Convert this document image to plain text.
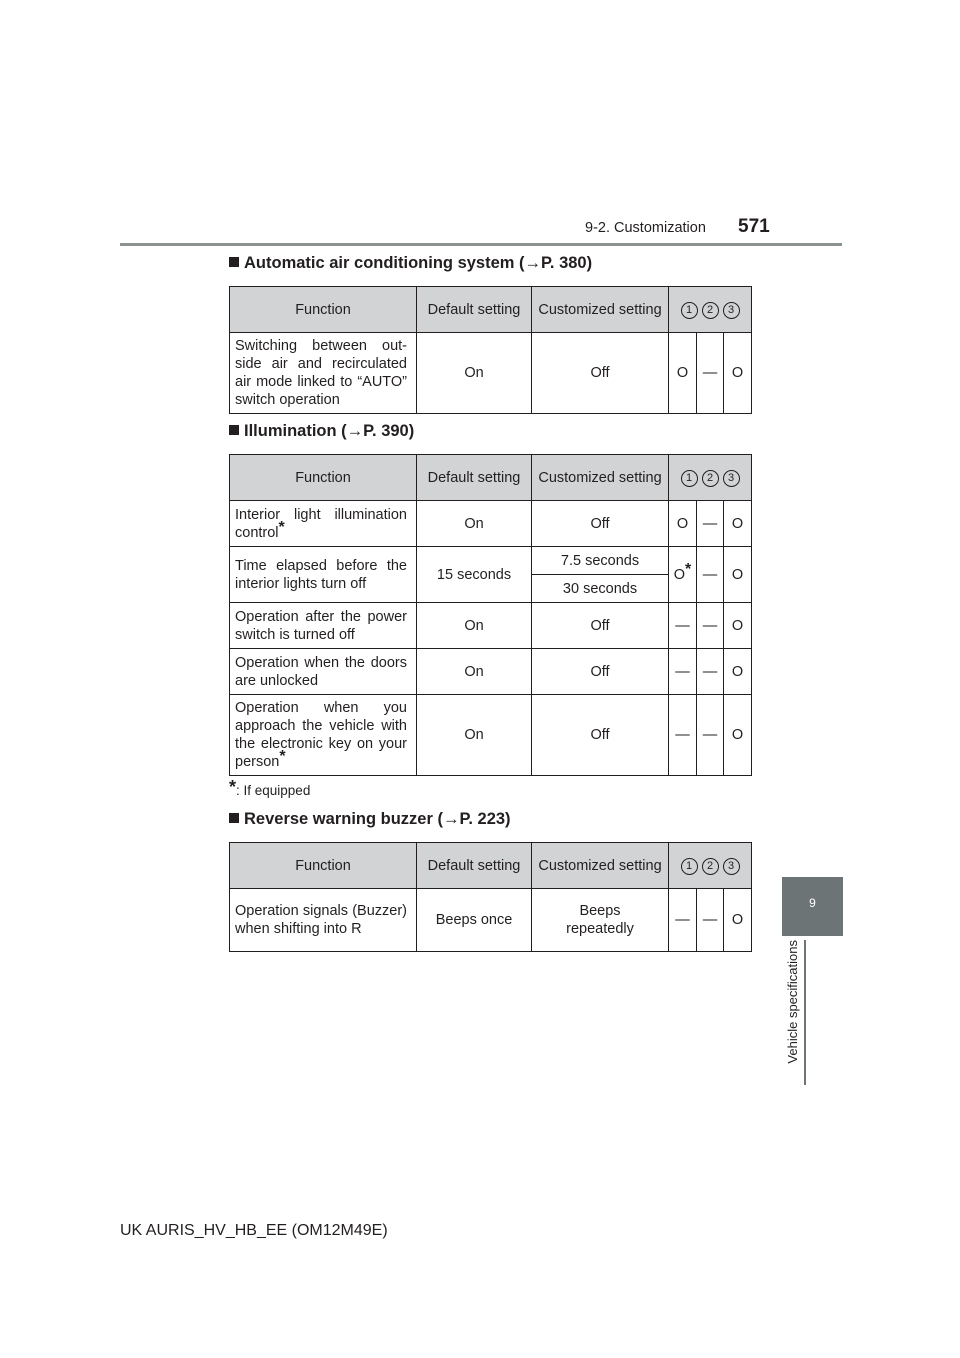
9-2. Customization 571
9
Vehicle specifications
Automatic air conditioning system (→P. 380)
Function	Default setting	Customized setting	1 2 3		
Switching between out-side air and recirculated air mode linked to “AUTO” switch operation	On	Off	O	—	O
Illumination (→P. 390)
Function	Default setting	Customized setting	1 2 3		
Interior light illumination control*	On	Off	O	—	O
Time elapsed before the interior lights turn off	15 seconds	7.5 seconds	O*	—	O
		30 seconds			
Operation after the power switch is turned off	On	Off	—	—	O
Operation when the doors are unlocked	On	Off	—	—	O
Operation when you approach the vehicle with the electronic key on your person*	On	Off	—	—	O
*: If equipped
Reverse warning buzzer (→P. 223)
Function	Default setting	Customized setting	1 2 3		
Operation signals (Buzzer) when shifting into R	Beeps once	Beeps repeatedly	—	—	O
UK AURIS_HV_HB_EE (OM12M49E)
